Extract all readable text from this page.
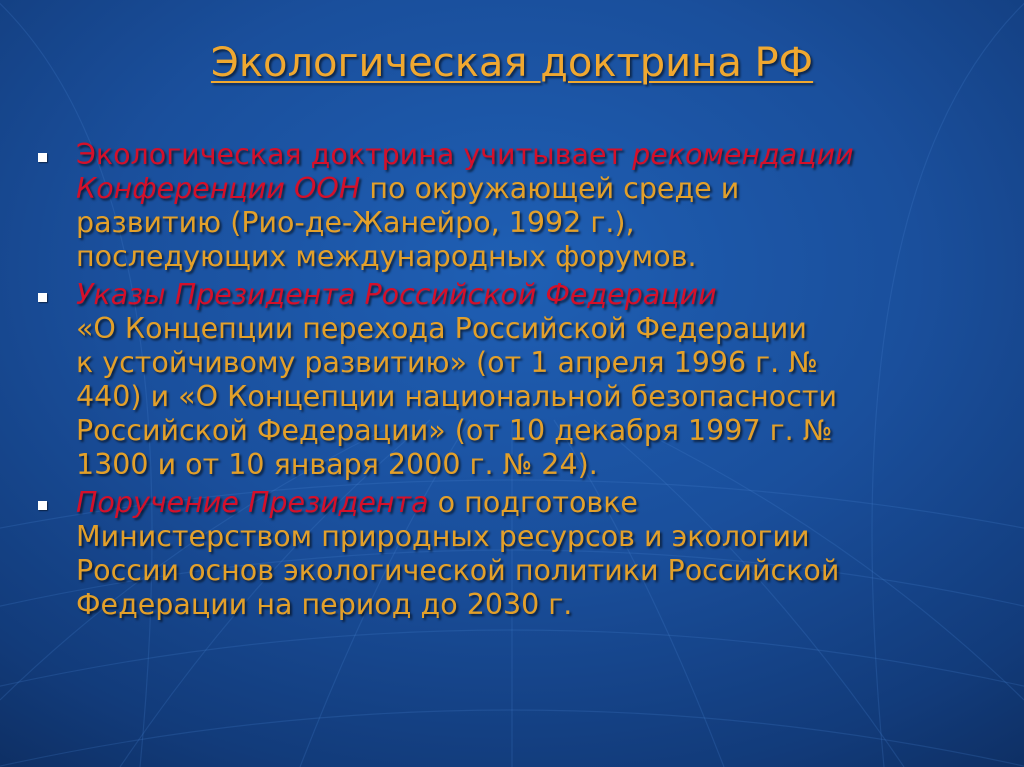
Экологическая доктрина РФ
Экологическая доктрина учитывает рекомендации
Конференции ООН по окружающей среде и
развитию (Рио-де-Жанейро, 1992 г.),
последующих международных форумов.
Указы Президента Российской Федерации
«О Концепции перехода Российской Федерации
к устойчивому развитию» (от 1 апреля 1996 г. №
440) и «О Концепции национальной безопасности
Российской Федерации» (от 10 декабря 1997 г. №
1300 и от 10 января 2000 г. № 24).
Поручение Президента о подготовке
Министерством природных ресурсов и экологии
России основ экологической политики Российской
Федерации на период до 2030 г.
